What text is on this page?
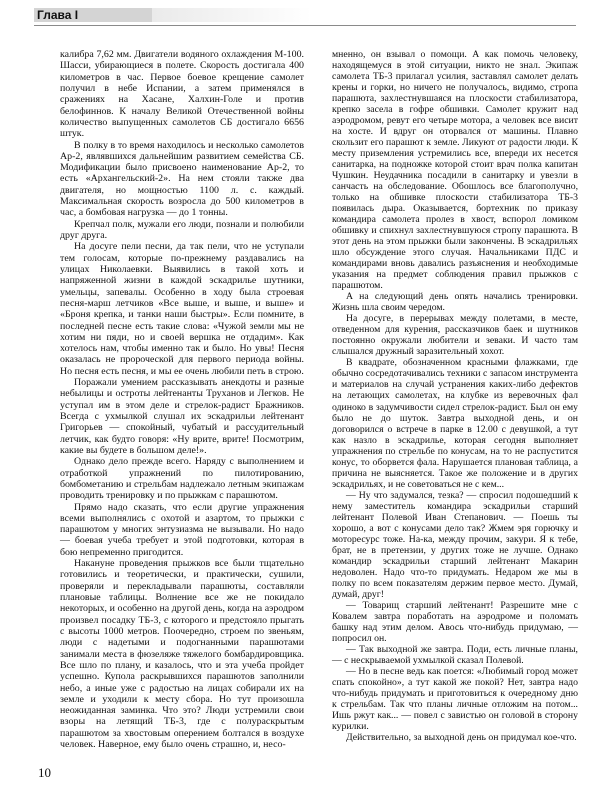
Глава I

калибра 7,62 мм. Двигатели водяного охлаждения М-100. Шасси, убирающиеся в полете. Скорость достигала 400 километров в час. Первое боевое крещение самолет получил в небе Испании, а затем применялся в сражениях на Хасане, Халхин-Голе и против белофиннов. К началу Великой Отечественной войны количество выпущенных самолетов СБ достигало 6656 штук.

В полку в то время находилось и несколько самолетов Ар-2, являвшихся дальнейшим развитием семейства СБ. Модификации было присвоено наименование Ар-2, то есть «Архангельский-2». На нем стояли также два двигателя, но мощностью 1100 л. с. каждый. Максимальная скорость возросла до 500 километров в час, а бомбовая нагрузка — до 1 тонны.

Крепчал полк, мужали его люди, познали и полюбили друг друга.

На досуге пели песни, да так пели, что не уступали тем голосам, которые по-прежнему раздавались на улицах Николаевки. Выявились в такой хоть и напряженной жизни в каждой эскадрилье шутники, умельцы, запевалы. Особенно в ходу была строевая песня-марш летчиков «Все выше, и выше, и выше» и «Броня крепка, и танки наши быстры». Если помните, в последней песне есть такие слова: «Чужой земли мы не хотим ни пяди, но и своей вершка не отдадим». Как хотелось нам, чтобы именно так и было. Но увы! Песня оказалась не пророческой для первого периода войны. Но песня есть песня, и мы ее очень любили петь в строю.

Поражали умением рассказывать анекдоты и разные небылицы и остроты лейтенанты Труханов и Легков. Не уступал им в этом деле и стрелок-радист Бражников. Всегда с ухмылкой слушал их эскадрильи лейтенант Григорьев — спокойный, чубатый и рассудительный летчик, как будто говоря: «Ну врите, врите! Посмотрим, какие вы будете в большом деле!».

Однако дело прежде всего. Наряду с выполнением и отработкой упражнений по пилотированию, бомбометанию и стрельбам надлежало летным экипажам проводить тренировку и по прыжкам с парашютом.

Прямо надо сказать, что если другие упражнения всеми выполнялись с охотой и азартом, то прыжки с парашютом у многих энтузиазма не вызывали. Но надо — боевая учеба требует и этой подготовки, которая в бою непременно пригодится.

Накануне проведения прыжков все были тщательно готовились и теоретически, и практически, сушили, проверяли и перекладывали парашюты, составляли плановые таблицы. Волнение все же не покидало некоторых, и особенно на другой день, когда на аэродром произвел посадку ТБ-3, с которого и предстояло прыгать с высоты 1000 метров. Поочередно, строем по звеньям, люди с надетыми и подогнанными парашютами занимали места в фюзеляже тяжелого бомбардировщика. Все шло по плану, и казалось, что и эта учеба пройдет успешно. Купола раскрывшихся парашютов заполнили небо, а иные уже с радостью на лицах собирали их на земле и уходили к месту сбора. Но тут произошла неожиданная заминка. Что это? Люди устремили свои взоры на летящий ТБ-3, где с полураскрытым парашютом за хвостовым оперением болтался в воздухе человек. Наверное, ему было очень страшно, и, несо-

мненно, он взывал о помощи. А как помочь человеку, находящемуся в этой ситуации, никто не знал. Экипаж самолета ТБ-3 прилагал усилия, заставлял самолет делать крены и горки, но ничего не получалось, видимо, стропа парашюта, захлестнувшаяся на плоскости стабилизатора, крепко засела в гофре обшивки. Самолет кружит над аэродромом, ревут его четыре мотора, а человек все висит на хосте. И вдруг он оторвался от машины. Плавно скользит его парашют к земле. Ликуют от радости люди. К месту приземления устремились все, впереди их несется санитарка, на подножке которой стоит врач полка капитан Чушкин. Неудачника посадили в санитарку и увезли в санчасть на обследование. Обошлось все благополучно, только на обшивке плоскости стабилизатора ТБ-3 появилась дыра. Оказывается, бортехник по приказу командира самолета пролез в хвост, вспорол ломиком обшивку и спихнул захлестнувшуюся стропу парашюта. В этот день на этом прыжки были закончены. В эскадрильях шло обсуждение этого случая. Начальниками ПДС и командирами вновь давались разъяснения и необходимые указания на предмет соблюдения правил прыжков с парашютом.

А на следующий день опять начались тренировки. Жизнь шла своим чередом.

На досуге, в перерывах между полетами, в месте, отведенном для курения, рассказчиков баек и шутников постоянно окружали любители и зеваки. И часто там слышался дружный заразительный хохот.

В квадрате, обозначенном красными флажками, где обычно сосредотачивались техники с запасом инструмента и материалов на случай устранения каких-либо дефектов на летающих самолетах, на клубке из веревочных фал одиноко в задумчивости сидел стрелок-радист. Был он ему было не до шуток. Завтра выходной день, и он договорился о встрече в парке в 12.00 с девушкой, а тут как назло в эскадрилье, которая сегодня выполняет упражнения по стрельбе по конусам, на то не распустится конус, то оборвется фала. Нарушается плановая таблица, а причина не выясняется. Такое же положение и в других эскадрильях, и не советоваться не с кем...

— Ну что задумался, тезка? — спросил подошедший к нему заместитель командира эскадрильи старший лейтенант Полевой Иван Степанович. — Поешь ты хорошо, а вот с конусами дело так? Жмем эря горючку и моторесурс тоже. На-ка, между прочим, закури. Я к тебе, брат, не в претензии, у других тоже не лучше. Однако командир эскадрильи старший лейтенант Макарин недоволен. Надо что-то придумать. Недаром же мы в полку по всем показателям держим первое место. Думай, думай, друг!

— Товарищ старший лейтенант! Разрешите мне с Ковалем завтра поработать на аэродроме и поломать башку над этим делом. Авось что-нибудь придумаю, — попросил он.

— Так выходной же завтра. Поди, есть личные планы, — с нескрываемой ухмылкой сказал Полевой.

— Но в песне ведь как поется: «Любимый город может спать спокойно», а тут какой же покой? Нет, завтра надо что-нибудь придумать и приготовиться к очередному дню к стрельбам. Так что планы личные отложим на потом... Ишь ржут как... — повел с завистью он головой в сторону курилки.

Действительно, за выходной день он придумал кое-что.

10
